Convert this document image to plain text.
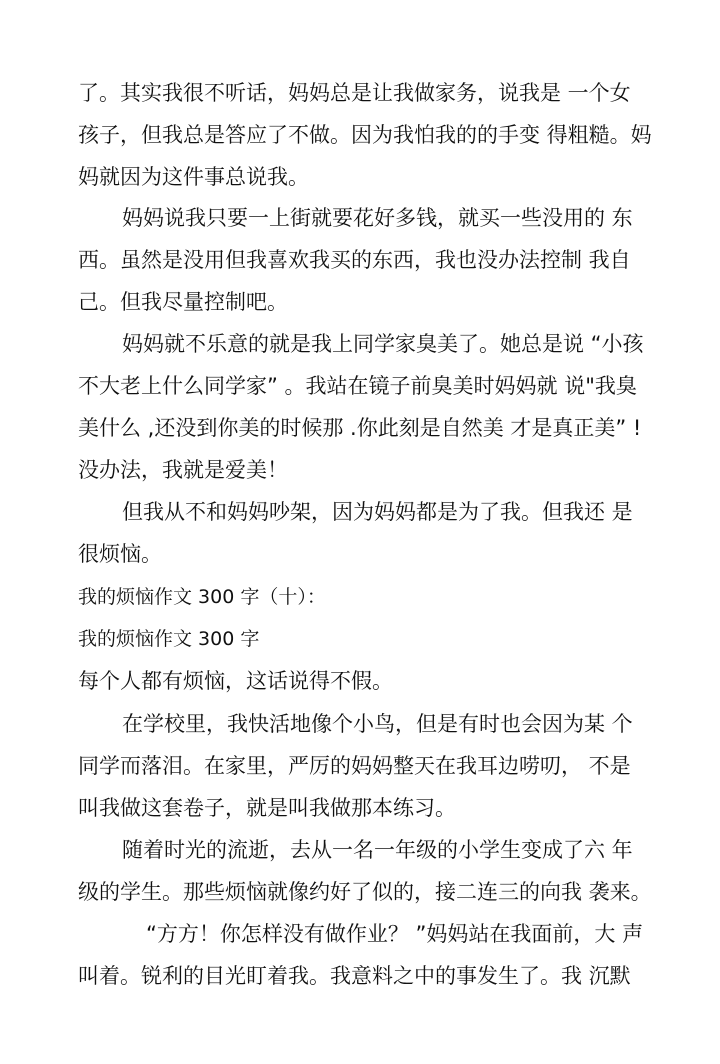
了。其实我很不听话，妈妈总是让我做家务，说我是 一个女
孩子，但我总是答应了不做。因为我怕我的的手变 得粗糙。妈
妈就因为这件事总说我。
妈妈说我只要一上街就要花好多钱，就买一些没用的 东
西。虽然是没用但我喜欢我买的东西，我也没办法控制 我自
己。但我尽量控制吧。
妈妈就不乐意的就是我上同学家臭美了。她总是说 “小孩
不大老上什么同学家” 。我站在镜子前臭美时妈妈就 说"我臭
美什么 ,还没到你美的时候那 .你此刻是自然美 才是真正美” !
没办法，我就是爱美！
但我从不和妈妈吵架，因为妈妈都是为了我。但我还 是
很烦恼。
我的烦恼作文 300 字（十）：
我的烦恼作文 300 字
每个人都有烦恼，这话说得不假。
在学校里，我快活地像个小鸟，但是有时也会因为某 个
同学而落泪。在家里，严厉的妈妈整天在我耳边唠叨， 不是
叫我做这套卷子，就是叫我做那本练习。
随着时光的流逝，去从一名一年级的小学生变成了六 年
级的学生。那些烦恼就像约好了似的，接二连三的向我 袭来。
“方方！你怎样没有做作业？ ”妈妈站在我面前，大 声
叫着。锐利的目光盯着我。我意料之中的事发生了。我 沉默
